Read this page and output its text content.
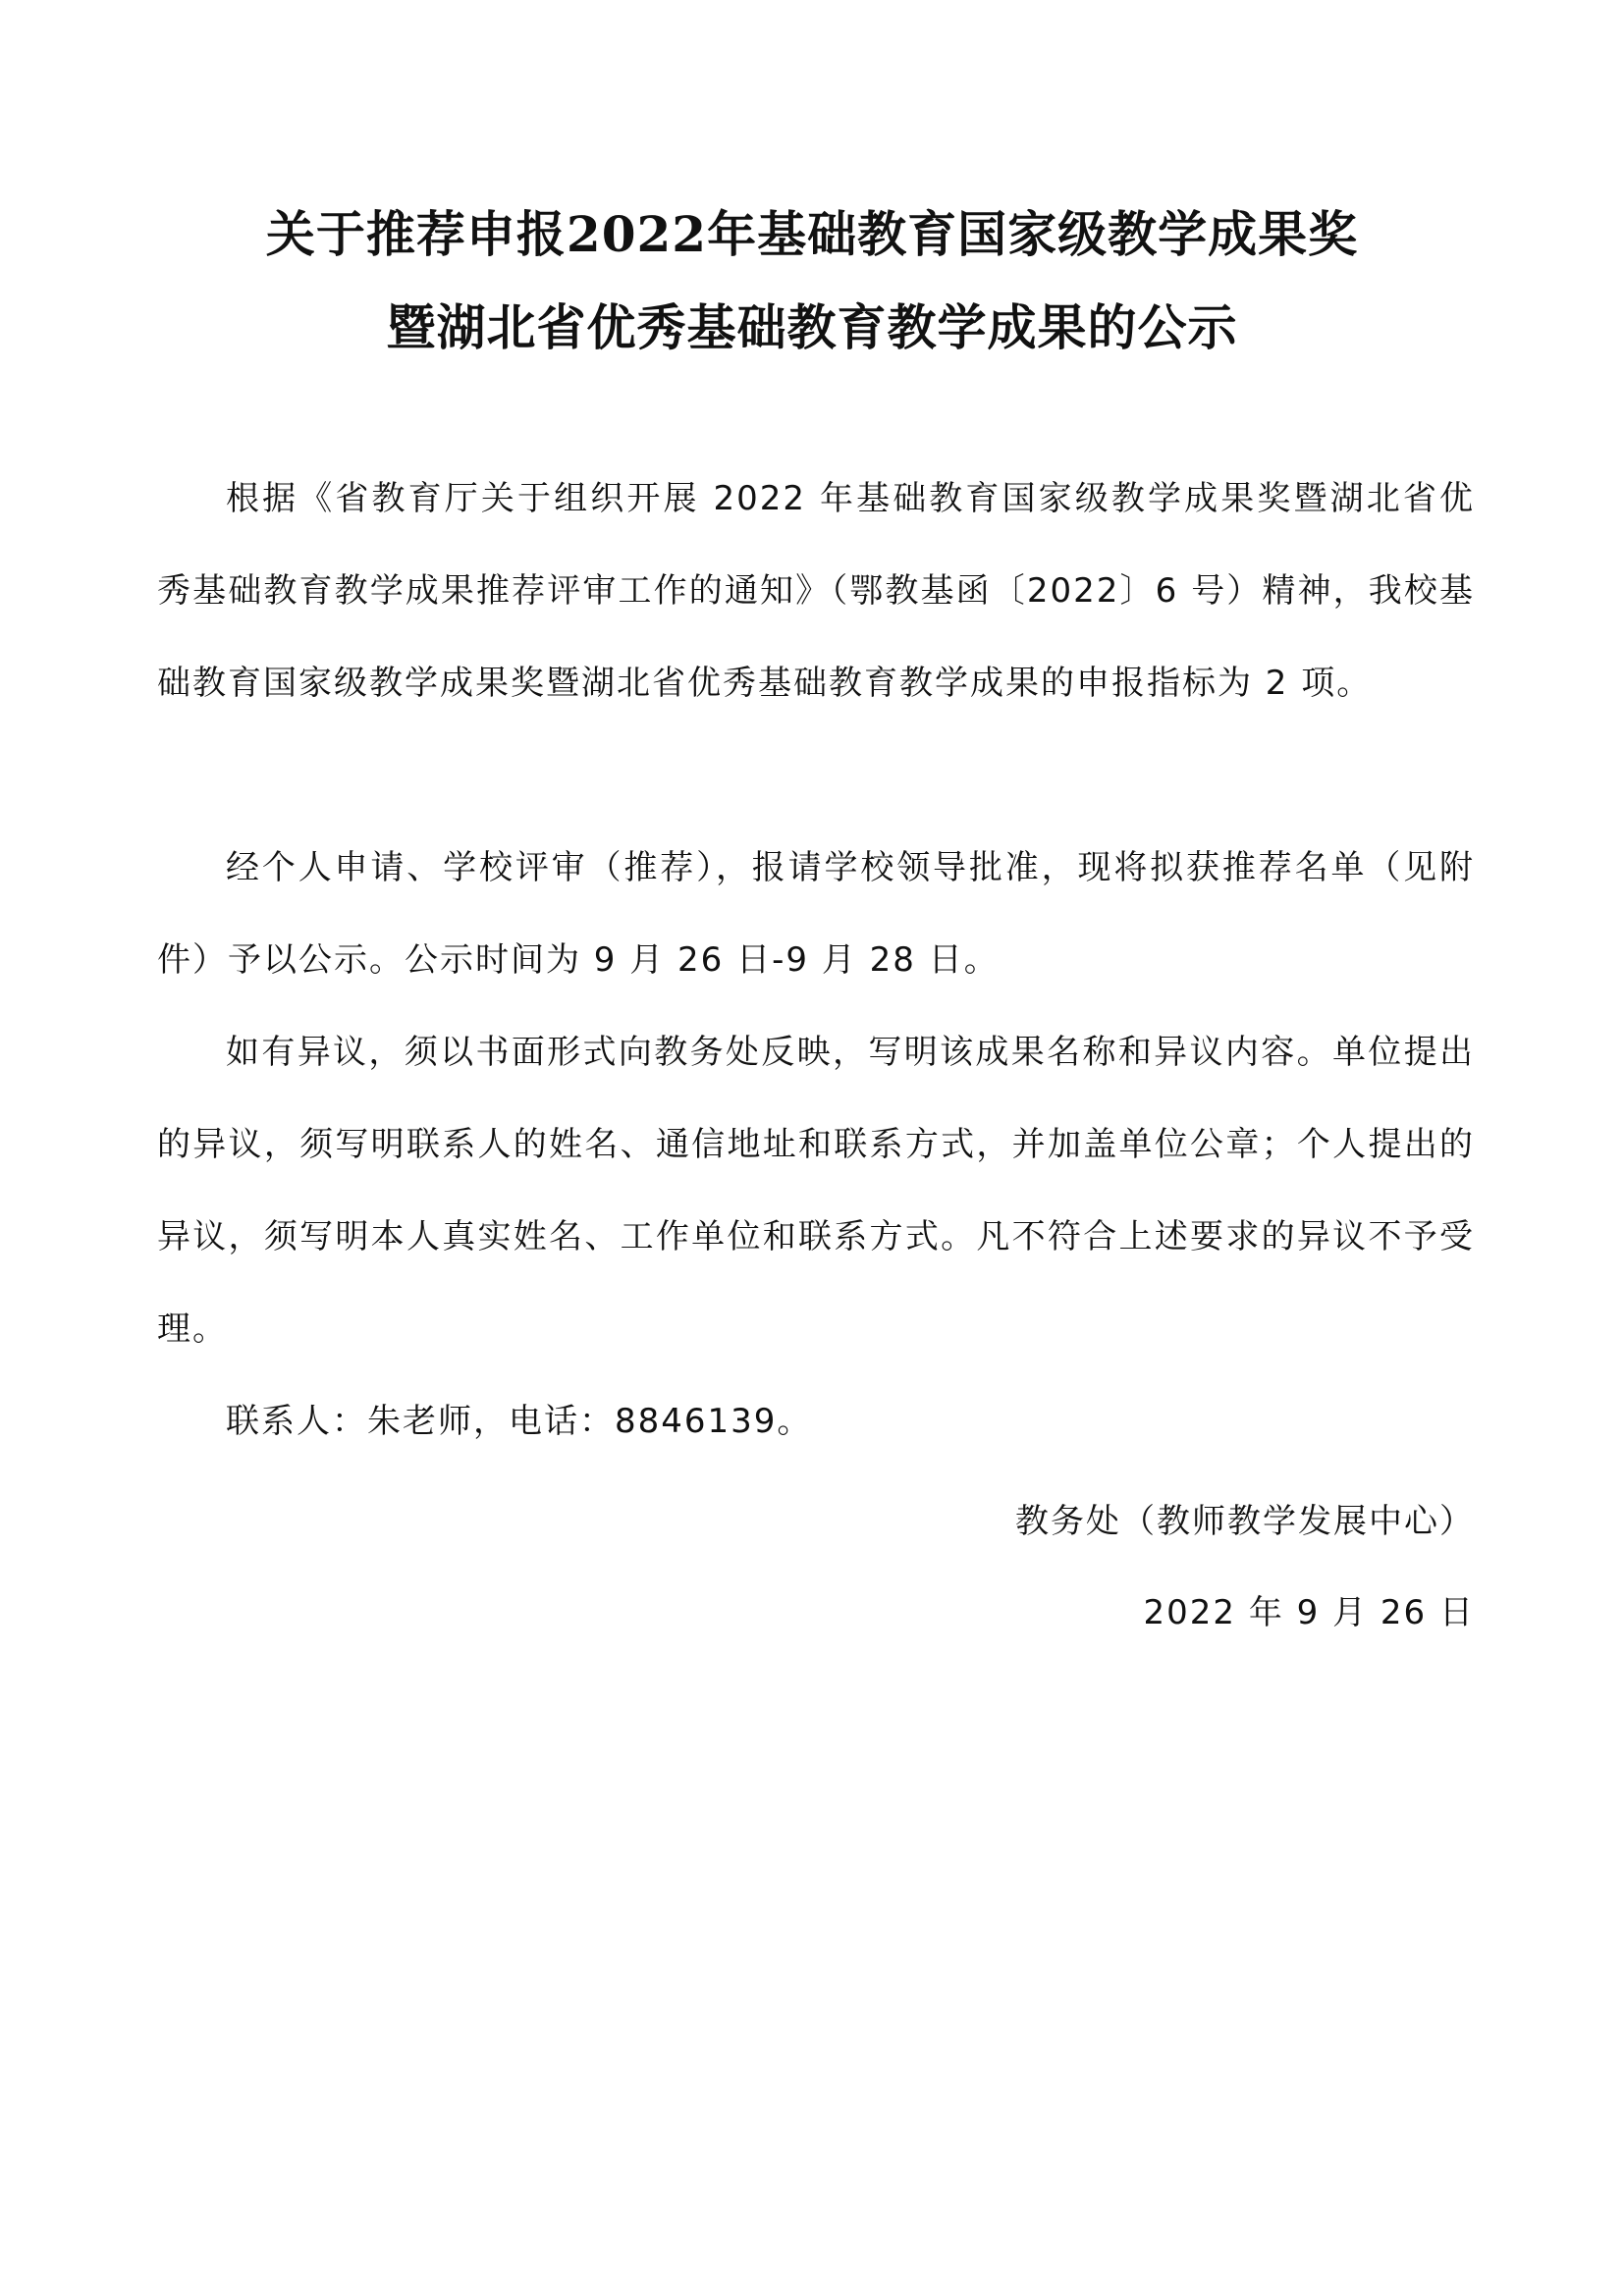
关于推荐申报2022年基础教育国家级教学成果奖
暨湖北省优秀基础教育教学成果的公示

根据《省教育厅关于组织开展 2022 年基础教育国家级教学成果奖暨湖北省优秀基础教育教学成果推荐评审工作的通知》（鄂教基函〔2022〕6 号）精神，我校基础教育国家级教学成果奖暨湖北省优秀基础教育教学成果的申报指标为 2 项。

经个人申请、学校评审（推荐），报请学校领导批准，现将拟获推荐名单（见附件）予以公示。公示时间为 9 月 26 日-9 月 28 日。

如有异议，须以书面形式向教务处反映，写明该成果名称和异议内容。单位提出的异议，须写明联系人的姓名、通信地址和联系方式，并加盖单位公章；个人提出的异议，须写明本人真实姓名、工作单位和联系方式。凡不符合上述要求的异议不予受理。

联系人：朱老师，电话：8846139。

教务处（教师教学发展中心）
2022 年 9 月 26 日
